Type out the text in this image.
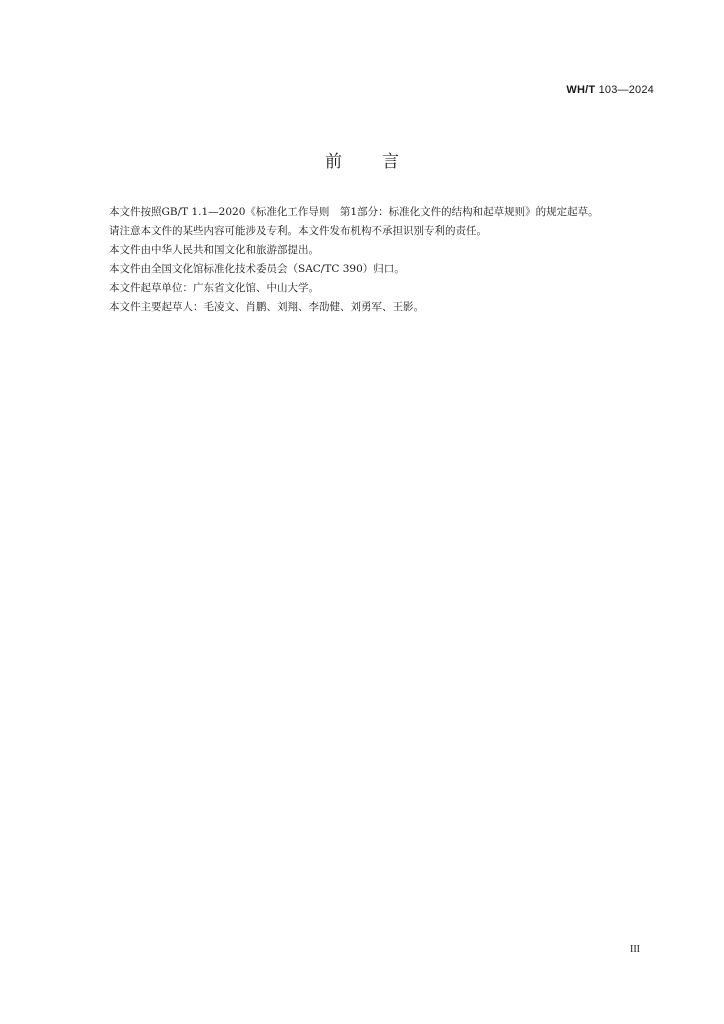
WH/T 103—2024
前言

本文件按照GB/T 1.1—2020《标准化工作导则　第1部分：标准化文件的结构和起草规则》的规定起草。

请注意本文件的某些内容可能涉及专利。本文件发布机构不承担识别专利的责任。

本文件由中华人民共和国文化和旅游部提出。

本文件由全国文化馆标准化技术委员会（SAC/TC 390）归口。

本文件起草单位：广东省文化馆、中山大学。

本文件主要起草人：毛凌文、肖鹏、刘翔、李劭健、刘勇军、王影。

III
